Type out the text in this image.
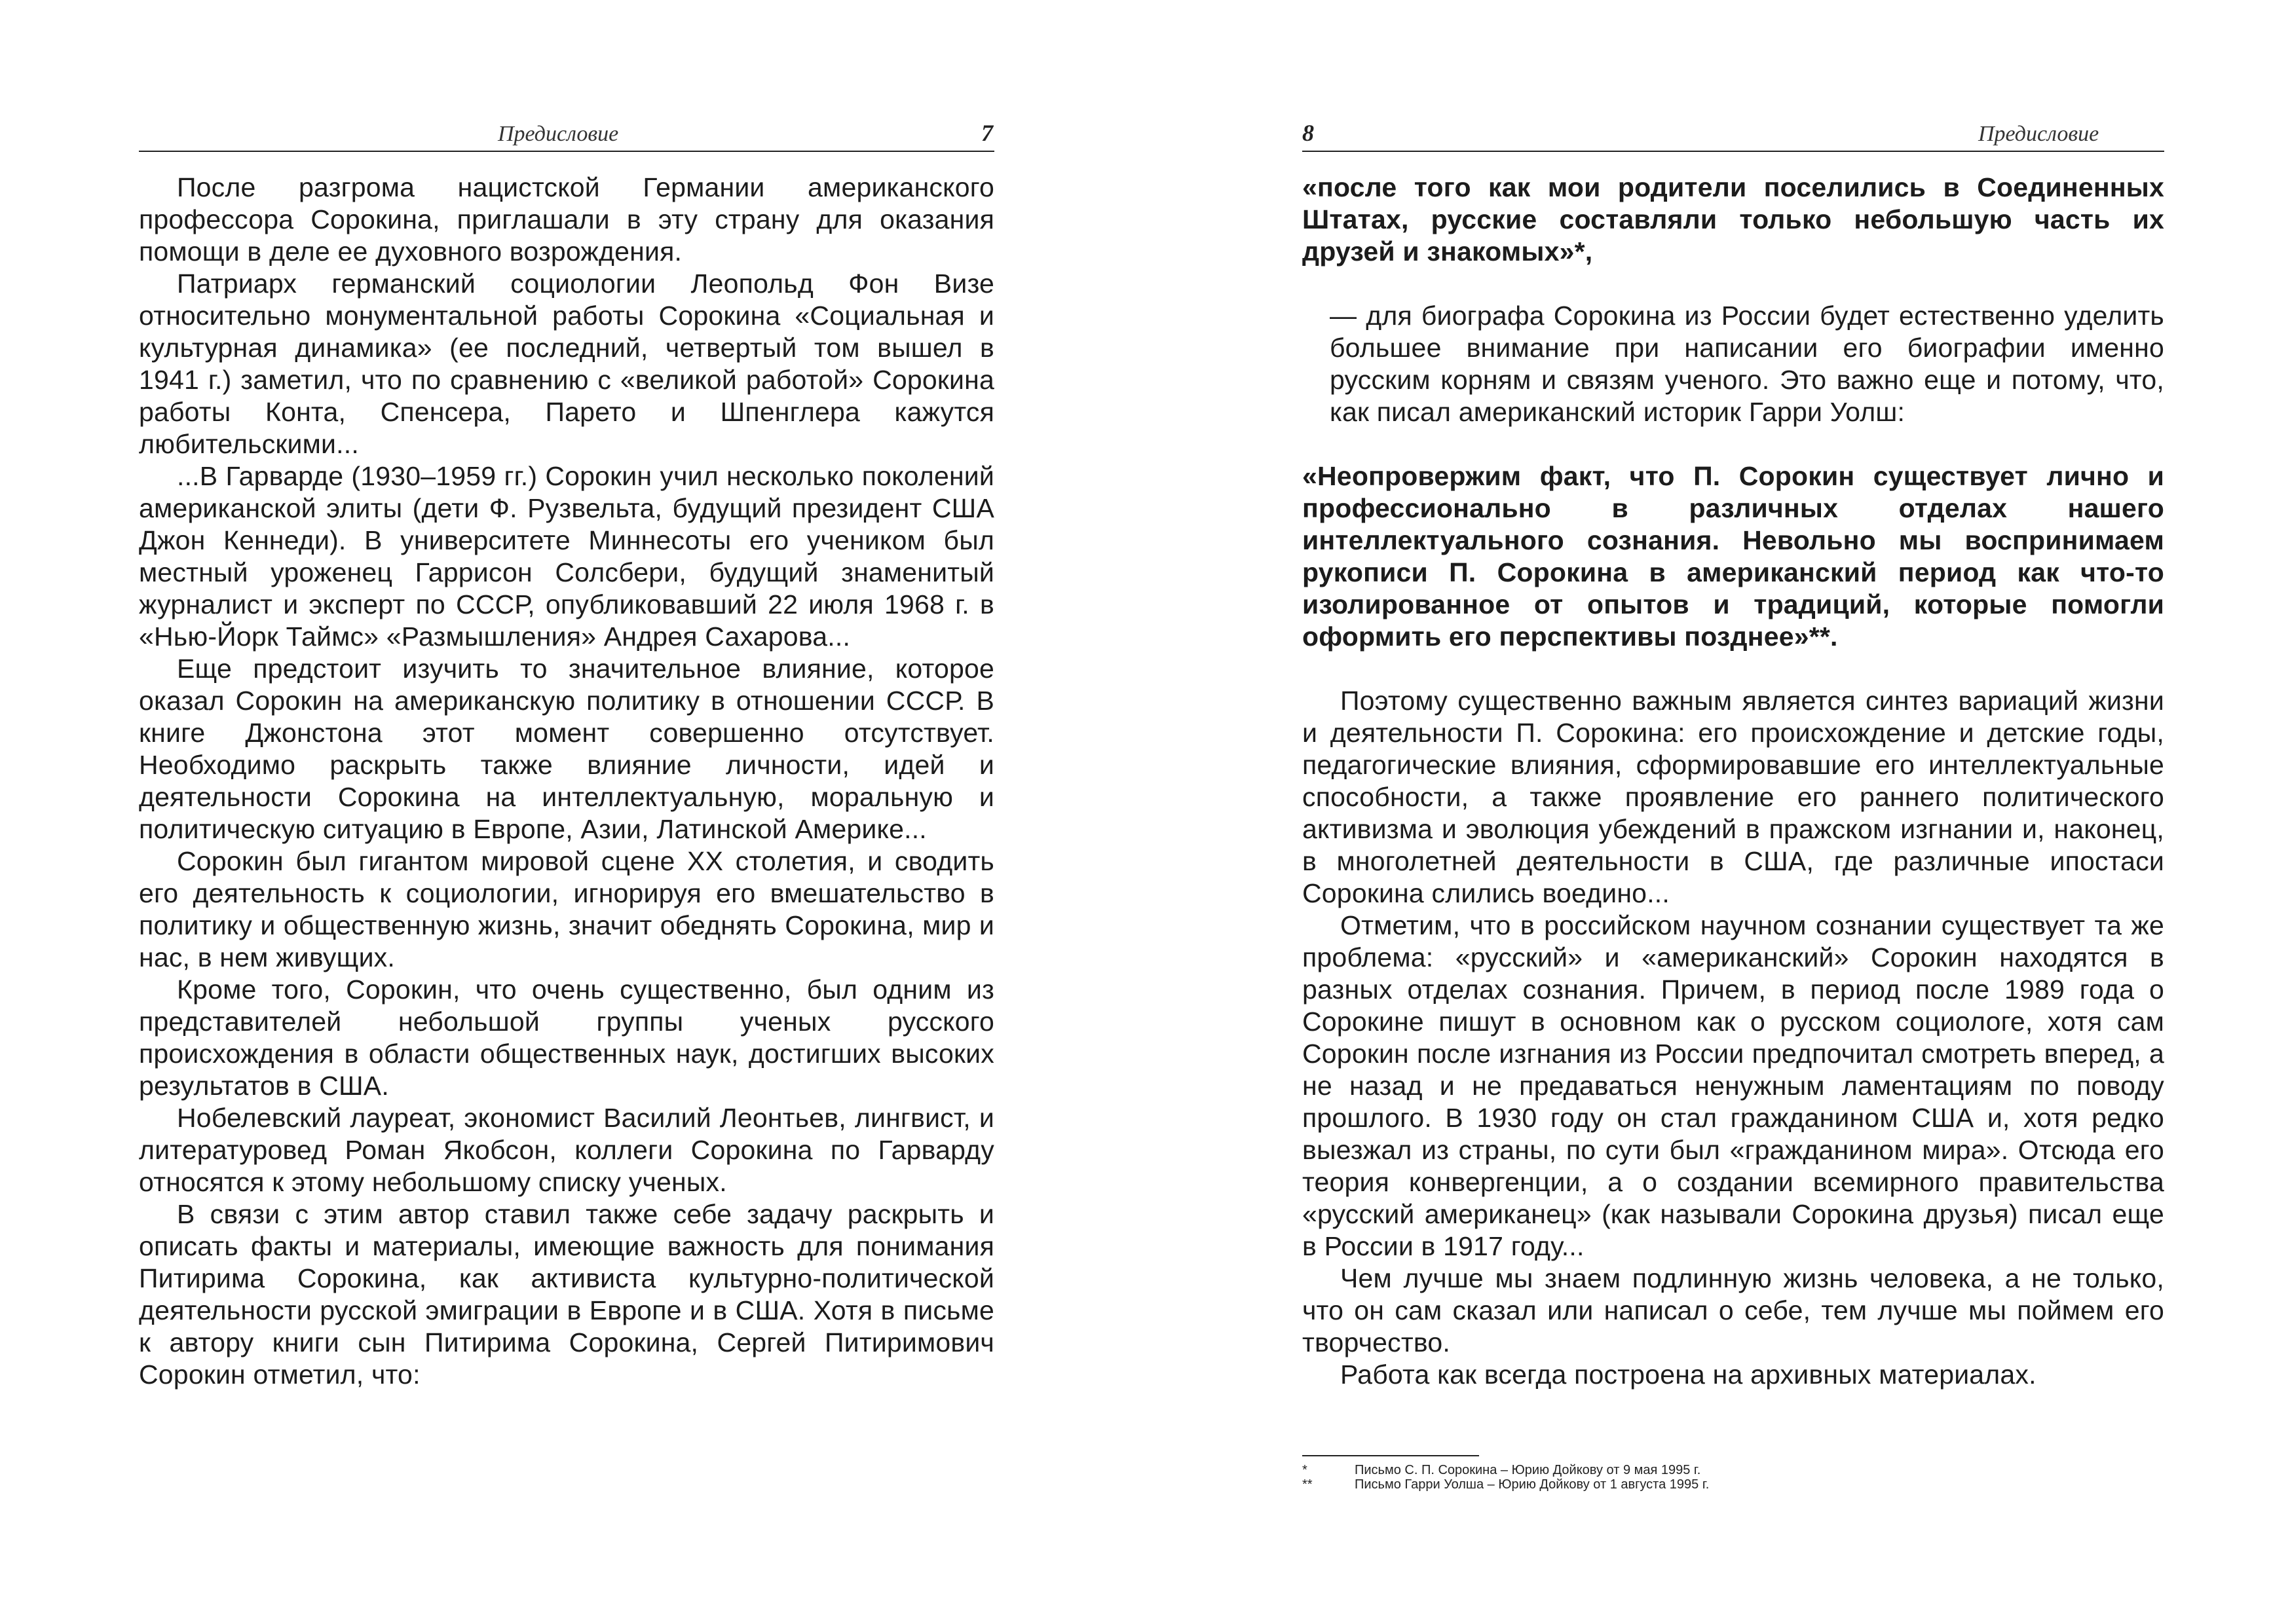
Предисловие	7

После разгрома нацистской Германии американского профессора Сорокина, приглашали в эту страну для оказания помощи в деле ее духовного возрождения.

Патриарх германский социологии Леопольд Фон Визе относительно монументальной работы Сорокина «Социальная и культурная динамика» (ее последний, четвертый том вышел в 1941 г.) заметил, что по сравнению с «великой работой» Сорокина работы Конта, Спенсера, Парето и Шпенглера кажутся любительскими...

...В Гарварде (1930–1959 гг.) Сорокин учил несколько поколений американской элиты (дети Ф. Рузвельта, будущий президент США Джон Кеннеди). В университете Миннесоты его учеником был местный уроженец Гаррисон Солсбери, будущий знаменитый журналист и эксперт по СССР, опубликовавший 22 июля 1968 г. в «Нью-Йорк Таймс» «Размышления» Андрея Сахарова...

Еще предстоит изучить то значительное влияние, которое оказал Сорокин на американскую политику в отношении СССР. В книге Джонстона этот момент совершенно отсутствует. Необходимо раскрыть также влияние личности, идей и деятельности Сорокина на интеллектуальную, моральную и политическую ситуацию в Европе, Азии, Латинской Америке...

Сорокин был гигантом мировой сцене XX столетия, и сводить его деятельность к социологии, игнорируя его вмешательство в политику и общественную жизнь, значит обеднять Сорокина, мир и нас, в нем живущих.

Кроме того, Сорокин, что очень существенно, был одним из представителей небольшой группы ученых русского происхождения в области общественных наук, достигших высоких результатов в США.

Нобелевский лауреат, экономист Василий Леонтьев, лингвист, и литературовед Роман Якобсон, коллеги Сорокина по Гарварду относятся к этому небольшому списку ученых.

В связи с этим автор ставил также себе задачу раскрыть и описать факты и материалы, имеющие важность для понимания Питирима Сорокина, как активиста культурно-политической деятельности русской эмиграции в Европе и в США. Хотя в письме к автору книги сын Питирима Сорокина, Сергей Питиримович Сорокин отметил, что:

8	Предисловие

«после того как мои родители поселились в Соединенных Штатах, русские составляли только небольшую часть их друзей и знакомых»*,

— для биографа Сорокина из России будет естественно уделить большее внимание при написании его биографии именно русским корням и связям ученого. Это важно еще и потому, что, как писал американский историк Гарри Уолш:

«Неопровержим факт, что П. Сорокин существует лично и профессионально в различных отделах нашего интеллектуального сознания. Невольно мы воспринимаем рукописи П. Сорокина в американский период как что-то изолированное от опытов и традиций, которые помогли оформить его перспективы позднее»**.

Поэтому существенно важным является синтез вариаций жизни и деятельности П. Сорокина: его происхождение и детские годы, педагогические влияния, сформировавшие его интеллектуальные способности, а также проявление его раннего политического активизма и эволюция убеждений в пражском изгнании и, наконец, в многолетней деятельности в США, где различные ипостаси Сорокина слились воедино...

Отметим, что в российском научном сознании существует та же проблема: «русский» и «американский» Сорокин находятся в разных отделах сознания. Причем, в период после 1989 года о Сорокине пишут в основном как о русском социологе, хотя сам Сорокин после изгнания из России предпочитал смотреть вперед, а не назад и не предаваться ненужным ламентациям по поводу прошлого. В 1930 году он стал гражданином США и, хотя редко выезжал из страны, по сути был «гражданином мира». Отсюда его теория конвергенции, а о создании всемирного правительства «русский американец» (как называли Сорокина друзья) писал еще в России в 1917 году...

Чем лучше мы знаем подлинную жизнь человека, а не только, что он сам сказал или написал о себе, тем лучше мы поймем его творчество.

Работа как всегда построена на архивных материалах.

*	Письмо С. П. Сорокина – Юрию Дойкову от 9 мая 1995 г.
**	Письмо Гарри Уолша – Юрию Дойкову от 1 августа 1995 г.
